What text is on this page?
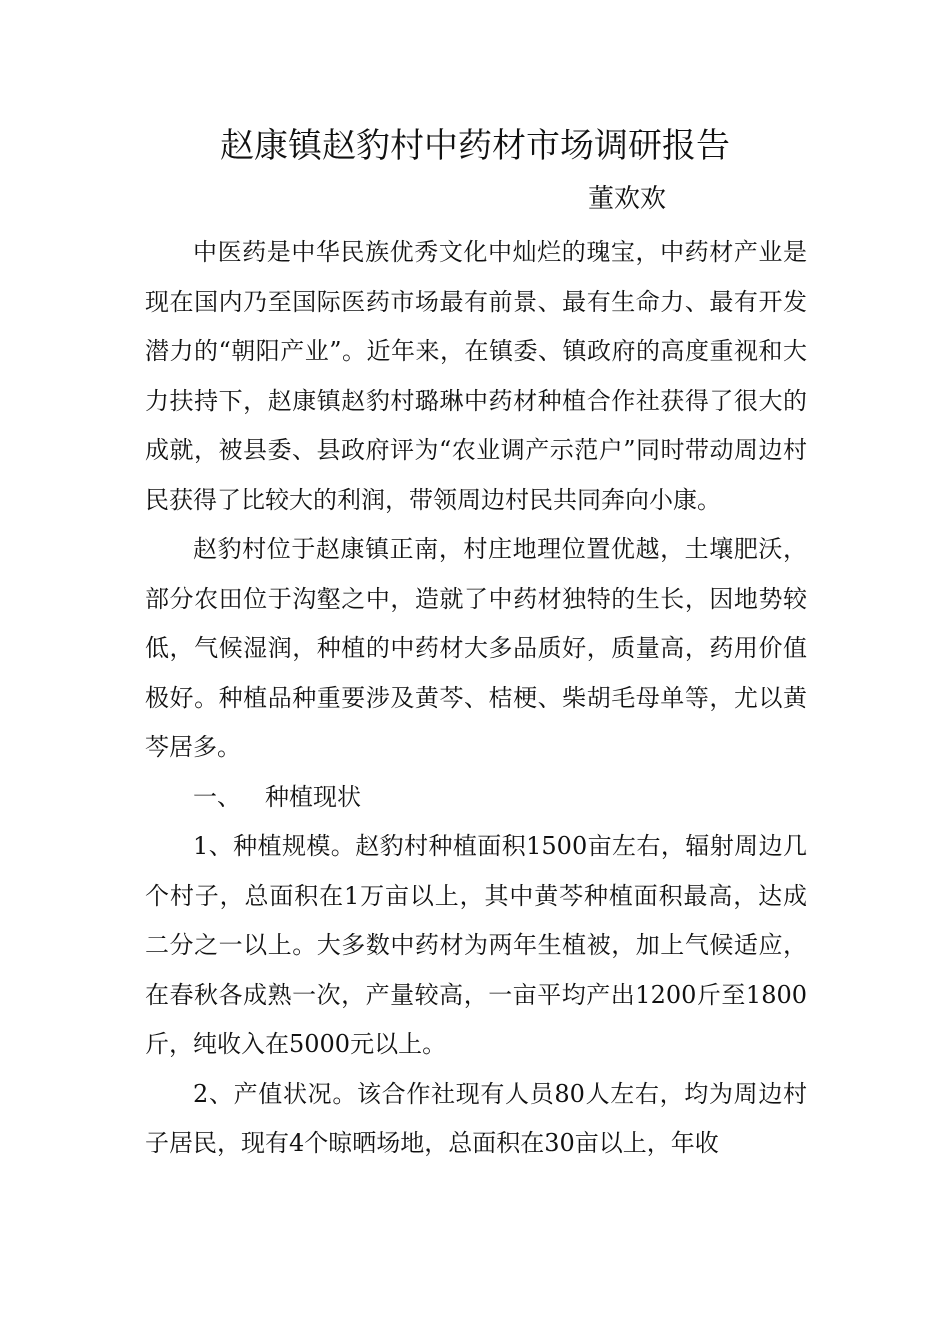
赵康镇赵豹村中药材市场调研报告
董欢欢

中医药是中华民族优秀文化中灿烂的瑰宝，中药材产业是现在国内乃至国际医药市场最有前景、最有生命力、最有开发潜力的“朝阳产业”。近年来，在镇委、镇政府的高度重视和大力扶持下，赵康镇赵豹村璐琳中药材种植合作社获得了很大的成就，被县委、县政府评为“农业调产示范户”同时带动周边村民获得了比较大的利润，带领周边村民共同奔向小康。

赵豹村位于赵康镇正南，村庄地理位置优越，土壤肥沃，部分农田位于沟壑之中，造就了中药材独特的生长，因地势较低，气候湿润，种植的中药材大多品质好，质量高，药用价值极好。种植品种重要涉及黄芩、桔梗、柴胡毛母单等，尤以黄芩居多。

一、 种植现状

1、种植规模。赵豹村种植面积1500亩左右，辐射周边几个村子，总面积在1万亩以上，其中黄芩种植面积最高，达成二分之一以上。大多数中药材为两年生植被，加上气候适应，在春秋各成熟一次，产量较高，一亩平均产出1200斤至1800斤，纯收入在5000元以上。

2、产值状况。该合作社现有人员80人左右，均为周边村子居民，现有4个晾晒场地，总面积在30亩以上，年收
